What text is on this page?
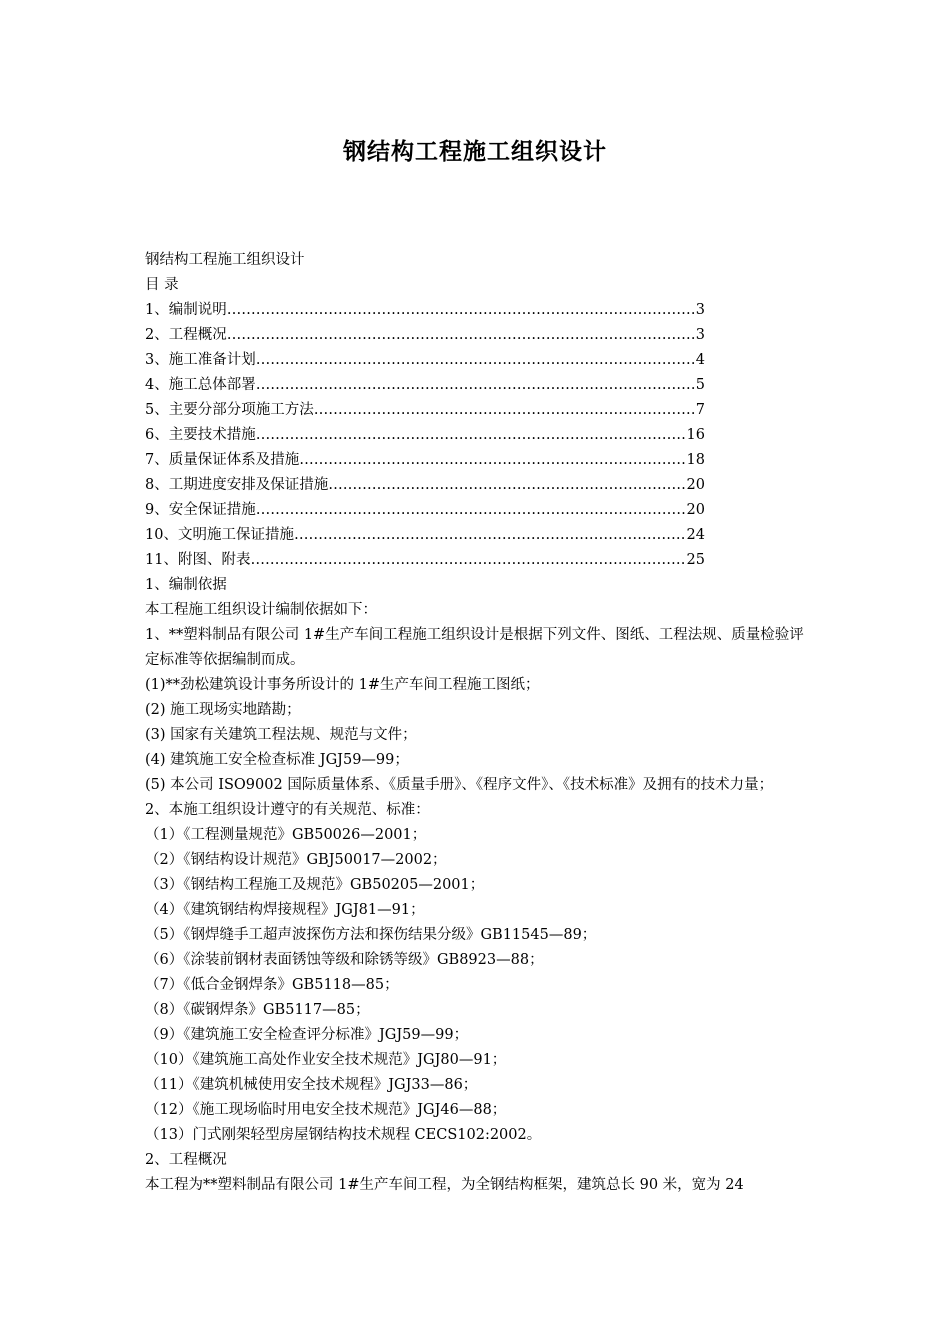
钢结构工程施工组织设计
钢结构工程施工组织设计
目 录
1、编制说明 …………………………………………………………………………………………………………………………………………	3
2、工程概况 …………………………………………………………………………………………………………………………………………	3
3、施工准备计划 …………………………………………………………………………………………………………………………………………	4
4、施工总体部署 …………………………………………………………………………………………………………………………………………	5
5、主要分部分项施工方法 …………………………………………………………………………………………………………………………………………	7
6、主要技术措施 …………………………………………………………………………………………………………………………………………	16
7、质量保证体系及措施 …………………………………………………………………………………………………………………………………………	18
8、工期进度安排及保证措施 …………………………………………………………………………………………………………………………………………	20
9、安全保证措施 …………………………………………………………………………………………………………………………………………	20
10、文明施工保证措施 …………………………………………………………………………………………………………………………………………	24
11、附图、附表 …………………………………………………………………………………………………………………………………………	25
1、编制依据
本工程施工组织设计编制依据如下：
1、**塑料制品有限公司 1#生产车间工程施工组织设计是根据下列文件、图纸、工程法规、质量检验评定标准等依据编制而成。
(1)**劲松建筑设计事务所设计的 1#生产车间工程施工图纸；
(2) 施工现场实地踏勘；
(3) 国家有关建筑工程法规、规范与文件；
(4) 建筑施工安全检查标准 JGJ59—99；
(5) 本公司 ISO9002 国际质量体系、《质量手册》、《程序文件》、《技术标准》及拥有的技术力量；
2、本施工组织设计遵守的有关规范、标准：
（1）《工程测量规范》GB50026—2001；
（2）《钢结构设计规范》GBJ50017—2002；
（3）《钢结构工程施工及规范》GB50205—2001；
（4）《建筑钢结构焊接规程》JGJ81—91；
（5）《钢焊缝手工超声波探伤方法和探伤结果分级》GB11545—89；
（6）《涂装前钢材表面锈蚀等级和除锈等级》GB8923—88；
（7）《低合金钢焊条》GB5118—85；
（8）《碳钢焊条》GB5117—85；
（9）《建筑施工安全检查评分标准》JGJ59—99；
（10）《建筑施工高处作业安全技术规范》JGJ80—91；
（11）《建筑机械使用安全技术规程》JGJ33—86；
（12）《施工现场临时用电安全技术规范》JGJ46—88；
（13）门式刚架轻型房屋钢结构技术规程 CECS102:2002。
2、工程概况
本工程为**塑料制品有限公司 1#生产车间工程，为全钢结构框架，建筑总长 90 米，宽为 24
